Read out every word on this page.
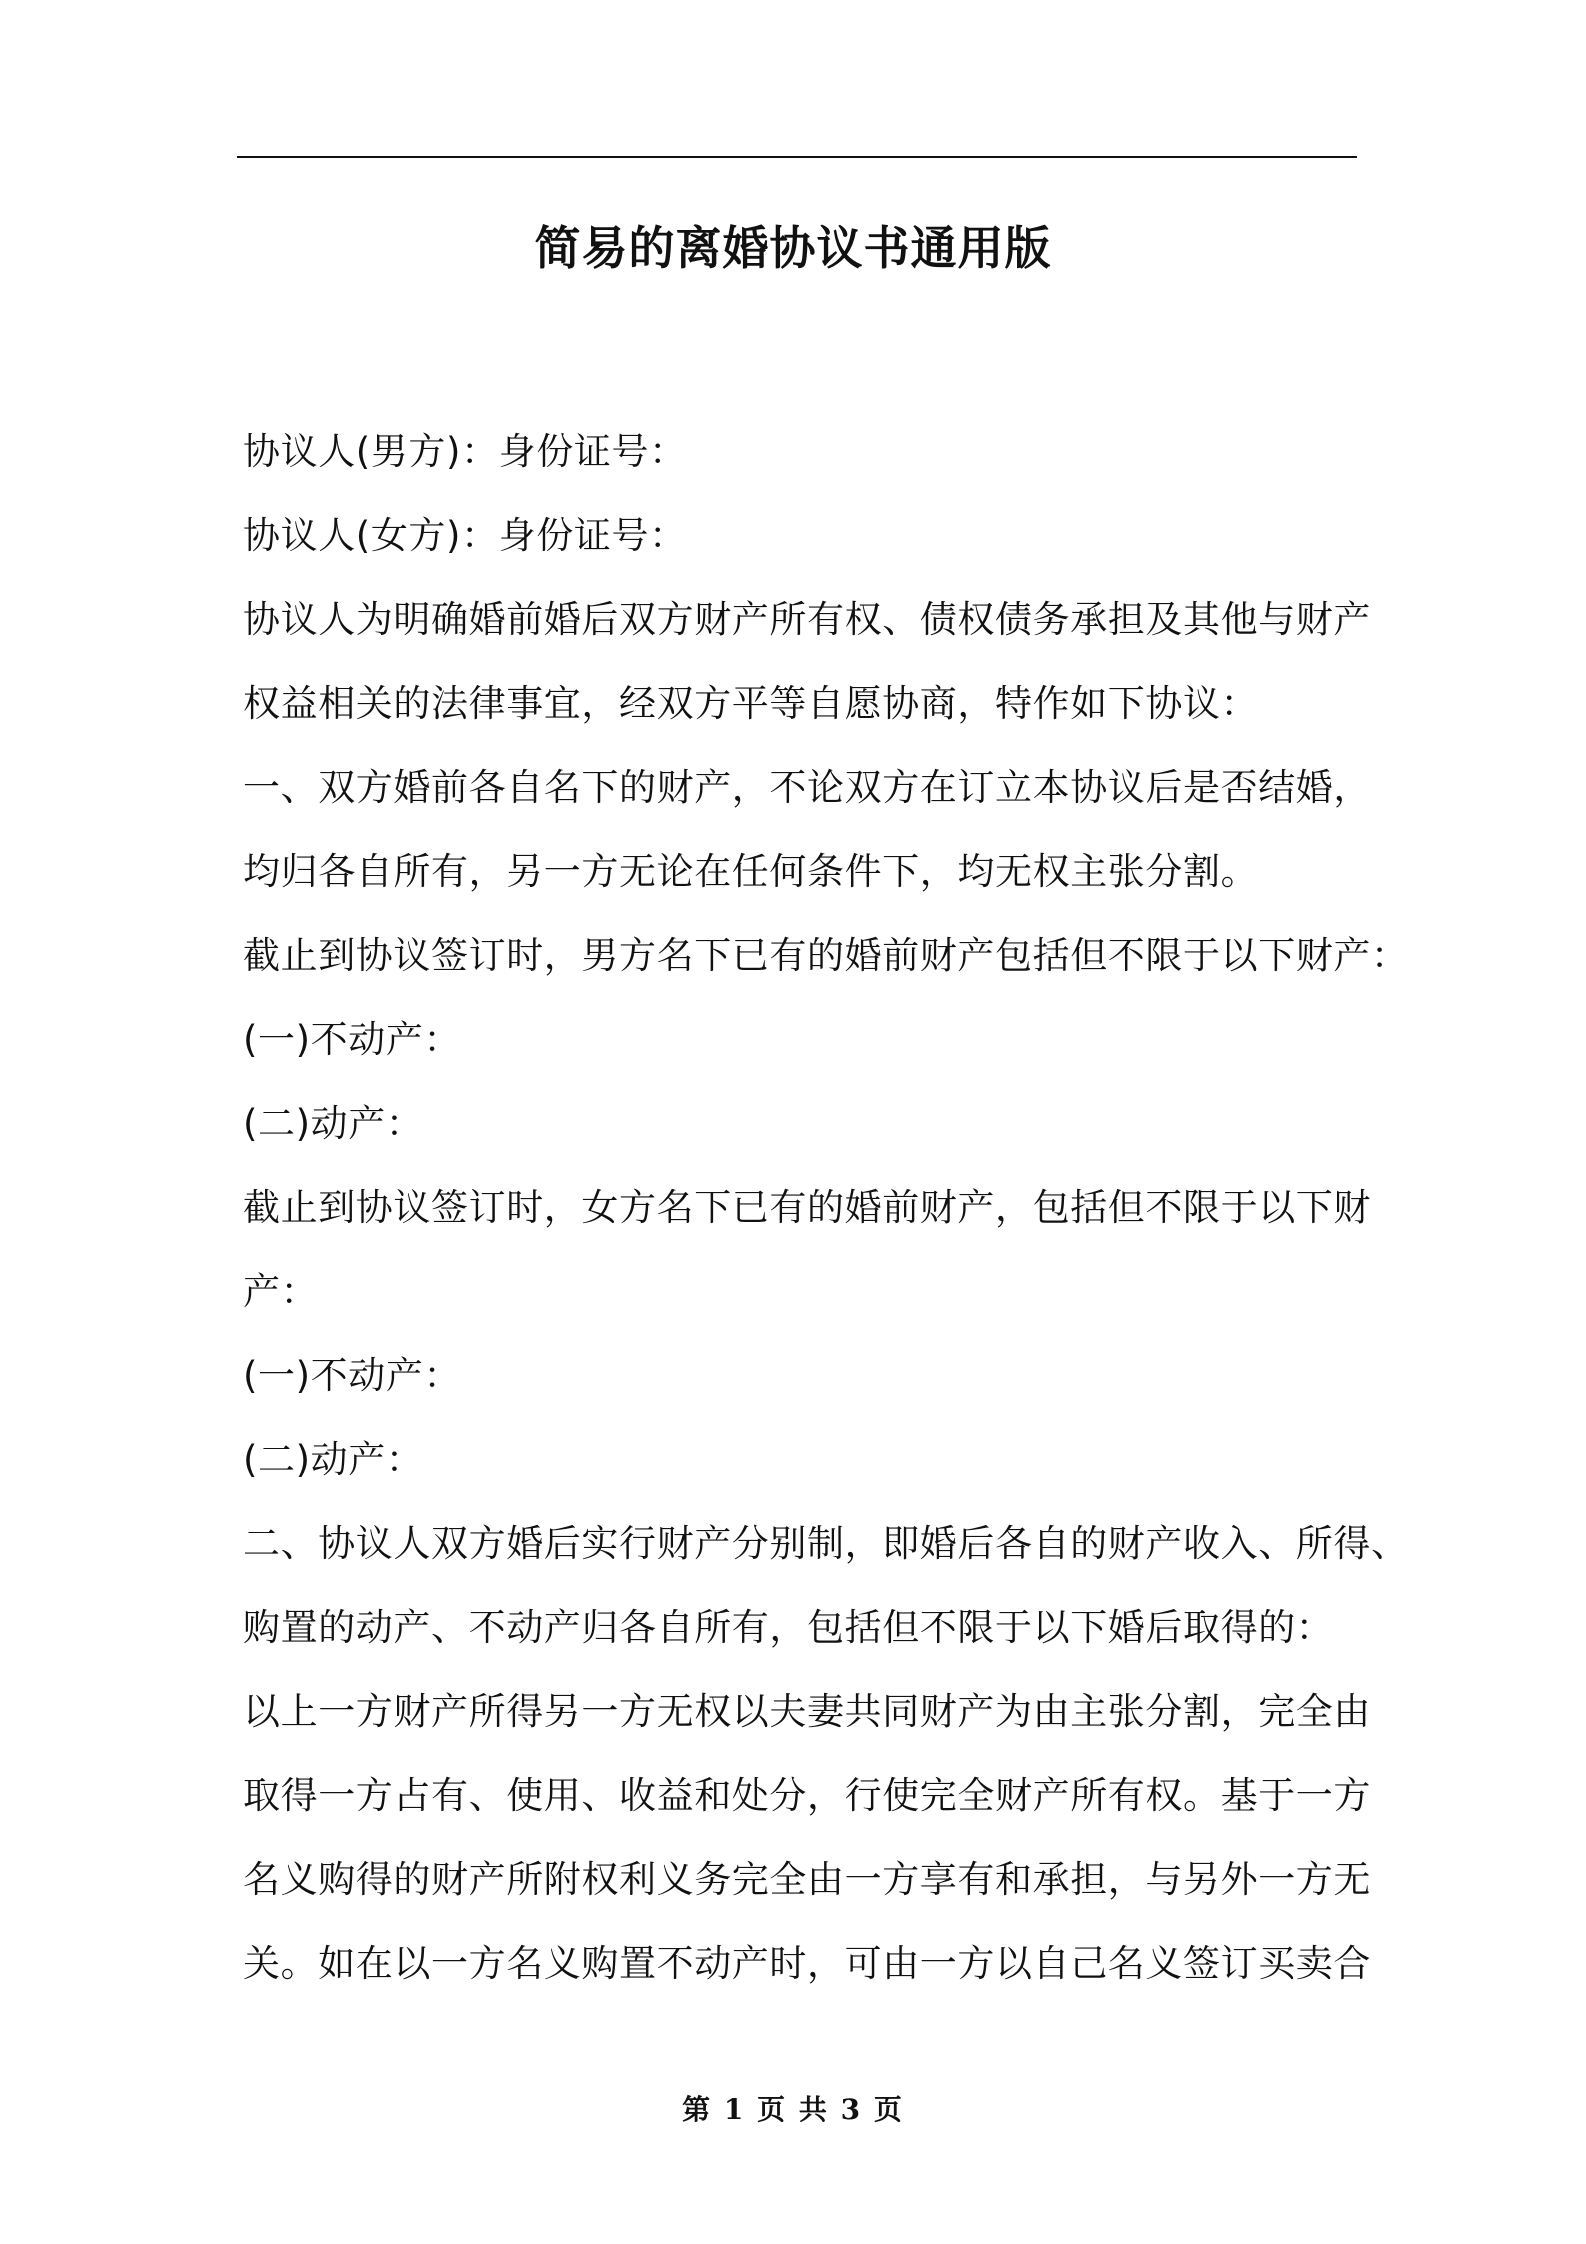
简易的离婚协议书通用版
协议人(男方)：身份证号：
协议人(女方)：身份证号：
协议人为明确婚前婚后双方财产所有权、债权债务承担及其他与财产
权益相关的法律事宜，经双方平等自愿协商，特作如下协议：
一、双方婚前各自名下的财产，不论双方在订立本协议后是否结婚，
均归各自所有，另一方无论在任何条件下，均无权主张分割。
截止到协议签订时，男方名下已有的婚前财产包括但不限于以下财产：
(一)不动产：
(二)动产：
截止到协议签订时，女方名下已有的婚前财产，包括但不限于以下财
产：
(一)不动产：
(二)动产：
二、协议人双方婚后实行财产分别制，即婚后各自的财产收入、所得、
购置的动产、不动产归各自所有，包括但不限于以下婚后取得的：
以上一方财产所得另一方无权以夫妻共同财产为由主张分割，完全由
取得一方占有、使用、收益和处分，行使完全财产所有权。基于一方
名义购得的财产所附权利义务完全由一方享有和承担，与另外一方无
关。如在以一方名义购置不动产时，可由一方以自己名义签订买卖合
第 1 页 共 3 页
